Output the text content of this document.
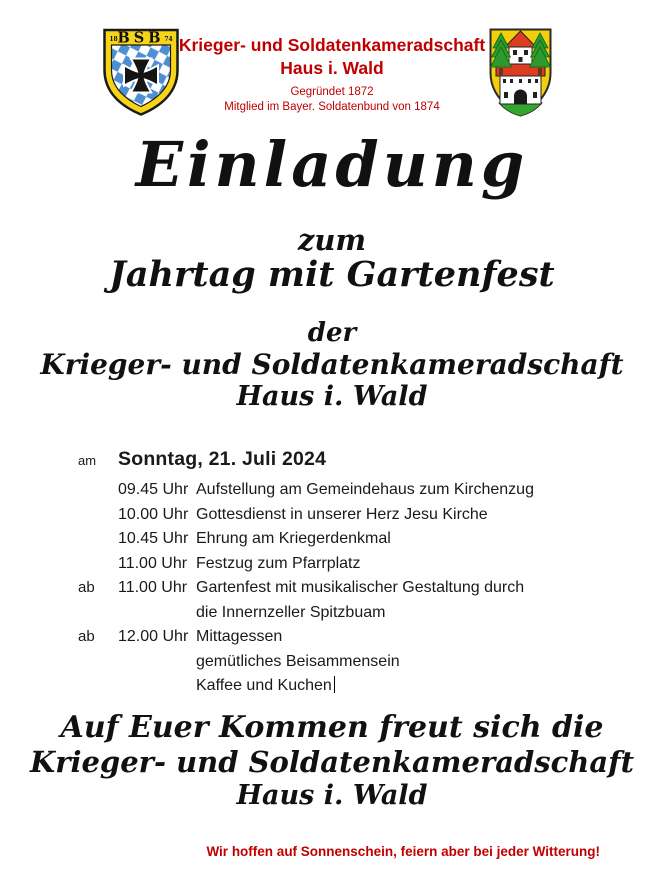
18 BSB 74 Krieger- und Soldatenkameradschaft
Haus i. Wald
Gegründet 1872
Mitglied im Bayer. Soldatenbund von 1874
Einladung
zum
Jahrtag mit Gartenfest
der
Krieger- und Soldatenkameradschaft
Haus i. Wald
am	Sonntag, 21. Juli 2024
09.45 Uhr Aufstellung am Gemeindehaus zum Kirchenzug
10.00 Uhr Gottesdienst in unserer Herz Jesu Kirche
10.45 Uhr Ehrung am Kriegerdenkmal
11.00 Uhr Festzug zum Pfarrplatz
ab	11.00 Uhr Gartenfest mit musikalischer Gestaltung durch
die Innernzeller Spitzbuam
ab	12.00 Uhr Mittagessen
gemütliches Beisammensein
Kaffee und Kuchen
Auf Euer Kommen freut sich die
Krieger- und Soldatenkameradschaft
Haus i. Wald
Wir hoffen auf Sonnenschein, feiern aber bei jeder Witterung!
